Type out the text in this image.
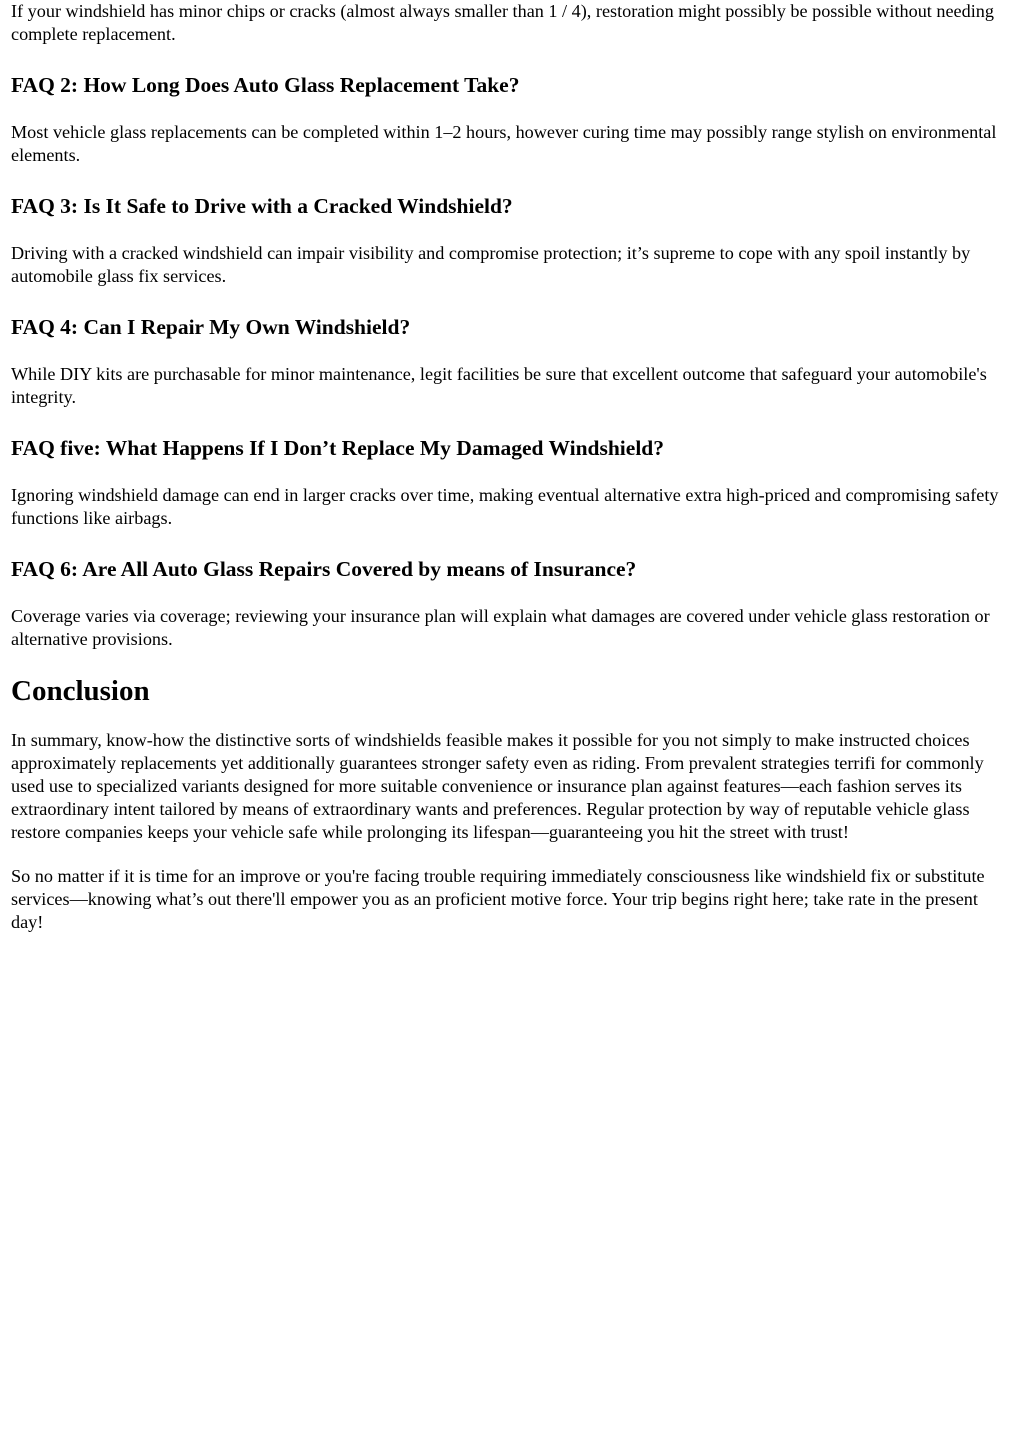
If your windshield has minor chips or cracks (almost always smaller than 1 / 4), restoration might possibly be possible without needing complete replacement.

FAQ 2: How Long Does Auto Glass Replacement Take?

Most vehicle glass replacements can be completed within 1–2 hours, however curing time may possibly range stylish on environmental elements.

FAQ 3: Is It Safe to Drive with a Cracked Windshield?

Driving with a cracked windshield can impair visibility and compromise protection; it’s supreme to cope with any spoil instantly by automobile glass fix services.

FAQ 4: Can I Repair My Own Windshield?

While DIY kits are purchasable for minor maintenance, legit facilities be sure that excellent outcome that safeguard your automobile's integrity.

FAQ five: What Happens If I Don’t Replace My Damaged Windshield?

Ignoring windshield damage can end in larger cracks over time, making eventual alternative extra high-priced and compromising safety functions like airbags.

FAQ 6: Are All Auto Glass Repairs Covered by means of Insurance?

Coverage varies via coverage; reviewing your insurance plan will explain what damages are covered under vehicle glass restoration or alternative provisions.

Conclusion

In summary, know-how the distinctive sorts of windshields feasible makes it possible for you not simply to make instructed choices approximately replacements yet additionally guarantees stronger safety even as riding. From prevalent strategies terrifi for commonly used use to specialized variants designed for more suitable convenience or insurance plan against features—each fashion serves its extraordinary intent tailored by means of extraordinary wants and preferences. Regular protection by way of reputable vehicle glass restore companies keeps your vehicle safe while prolonging its lifespan—guaranteeing you hit the street with trust!

So no matter if it is time for an improve or you're facing trouble requiring immediately consciousness like windshield fix or substitute services—knowing what’s out there'll empower you as an proficient motive force. Your trip begins right here; take rate in the present day!
